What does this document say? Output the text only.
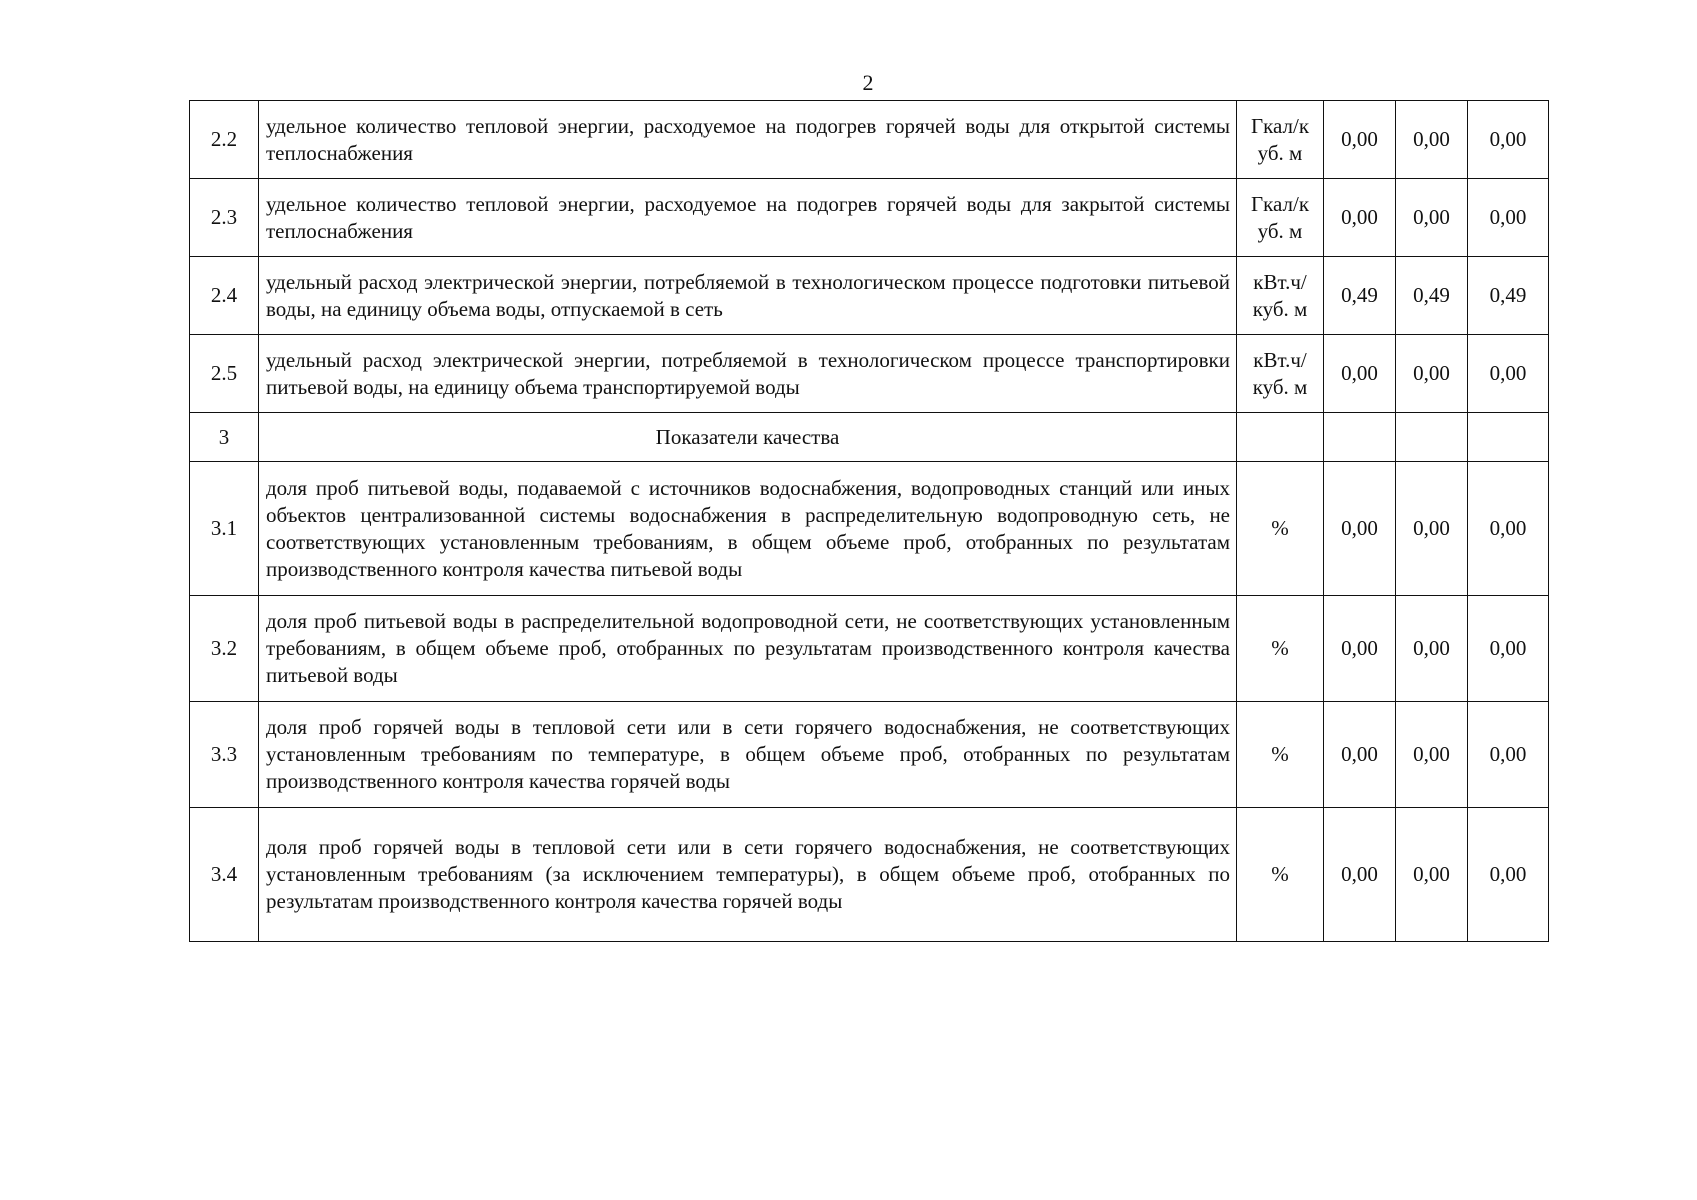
2
2.2	удельное количество тепловой энергии, расходуемое на подогрев горячей воды для открытой системы теплоснабжения	Гкал/к уб. м	0,00	0,00	0,00
2.3	удельное количество тепловой энергии, расходуемое на подогрев горячей воды для закрытой системы теплоснабжения	Гкал/к уб. м	0,00	0,00	0,00
2.4	удельный расход электрической энергии, потребляемой в технологическом процессе подготовки питьевой воды, на единицу объема воды, отпускаемой в сеть	кВт.ч/ куб. м	0,49	0,49	0,49
2.5	удельный расход электрической энергии, потребляемой в технологическом процессе транспортировки питьевой воды, на единицу объема транспортируемой воды	кВт.ч/ куб. м	0,00	0,00	0,00
3	Показатели качества				
3.1	доля проб питьевой воды, подаваемой с источников водоснабжения, водопроводных станций или иных объектов централизованной системы водоснабжения в распределительную водопроводную сеть, не соответствующих установленным требованиям, в общем объеме проб, отобранных по результатам производственного контроля качества питьевой воды	%	0,00	0,00	0,00
3.2	доля проб питьевой воды в распределительной водопроводной сети, не соответствующих установленным требованиям, в общем объеме проб, отобранных по результатам производственного контроля качества питьевой воды	%	0,00	0,00	0,00
3.3	доля проб горячей воды в тепловой сети или в сети горячего водоснабжения, не соответствующих установленным требованиям по температуре, в общем объеме проб, отобранных по результатам производственного контроля качества горячей воды	%	0,00	0,00	0,00
3.4	доля проб горячей воды в тепловой сети или в сети горячего водоснабжения, не соответствующих установленным требованиям (за исключением температуры), в общем объеме проб, отобранных по результатам производственного контроля качества горячей воды	%	0,00	0,00	0,00
